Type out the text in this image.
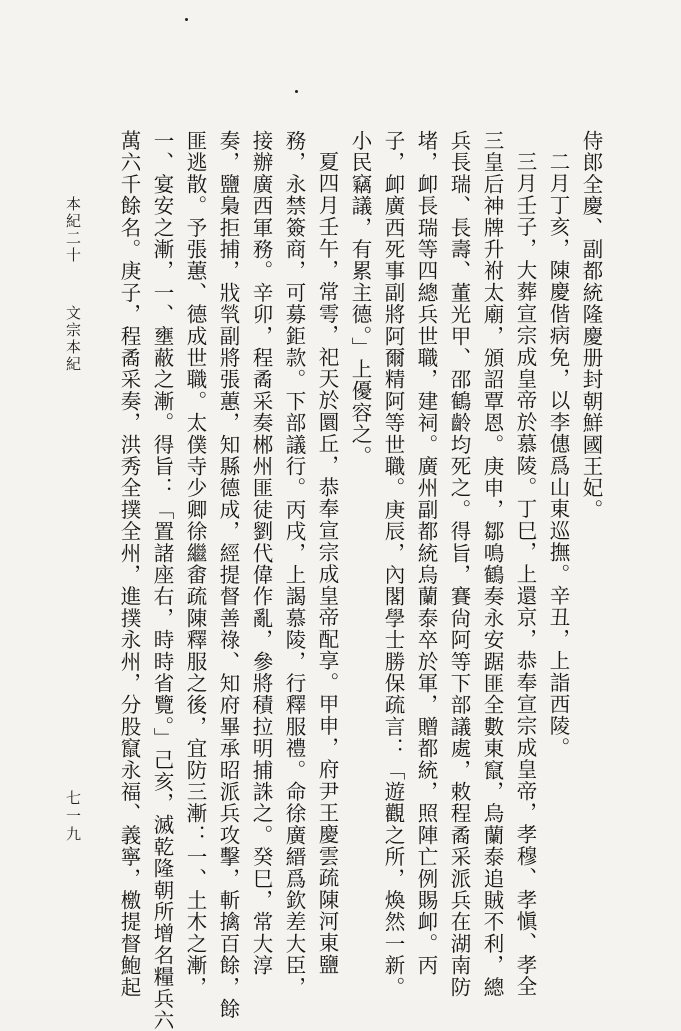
侍郎全慶、副都統隆慶册封朝鮮國王妃。
二月丁亥，陳慶偕病免，以李僡爲山東巡撫。辛丑，上詣西陵。
三月壬子，大葬宣宗成皇帝於慕陵。丁巳，上還京，恭奉宣宗成皇帝，孝穆、孝愼、孝全
三皇后神牌升祔太廟，頒詔覃恩。庚申，鄒鳴鶴奏永安踞匪全數東竄，烏蘭泰追賊不利，總
兵長瑞、長壽、董光甲、邵鶴齡均死之。得旨，賽尙阿等下部議處，敕程矞采派兵在湖南防
堵，卹長瑞等四總兵世職，建祠。廣州副都統烏蘭泰卒於軍，贈都統，照陣亡例賜卹。丙
子，卹廣西死事副將阿爾精阿等世職。庚辰，內閣學士勝保疏言：「遊觀之所，煥然一新。
小民竊議，有累主德。」上優容之。
夏四月壬午，常雩，祀天於圜丘，恭奉宣宗成皇帝配享。甲申，府尹王慶雲疏陳河東鹽
務，永禁簽商，可募鉅款。下部議行。丙戌，上謁慕陵，行釋服禮。命徐廣縉爲欽差大臣，
接辦廣西軍務。辛卯，程矞采奏郴州匪徒劉代偉作亂，參將積拉明捕誅之。癸巳，常大淳
奏，鹽梟拒捕，戕㷀副將張蕙，知縣德成，經提督善祿、知府畢承昭派兵攻擊，斬擒百餘，餘
匪逃散。予張蕙、德成世職。太僕寺少卿徐繼畬疏陳釋服之後，宜防三漸：一、土木之漸，
一、宴安之漸，一、壅蔽之漸。得旨：「置諸座右，時時省覽。」己亥，滅乾隆朝所增名糧兵六
萬六千餘名。庚子，程矞采奏，洪秀全撲全州，進撲永州，分股竄永福、義寧，檄提督鮑起
本紀二十
文宗本紀
七一九
